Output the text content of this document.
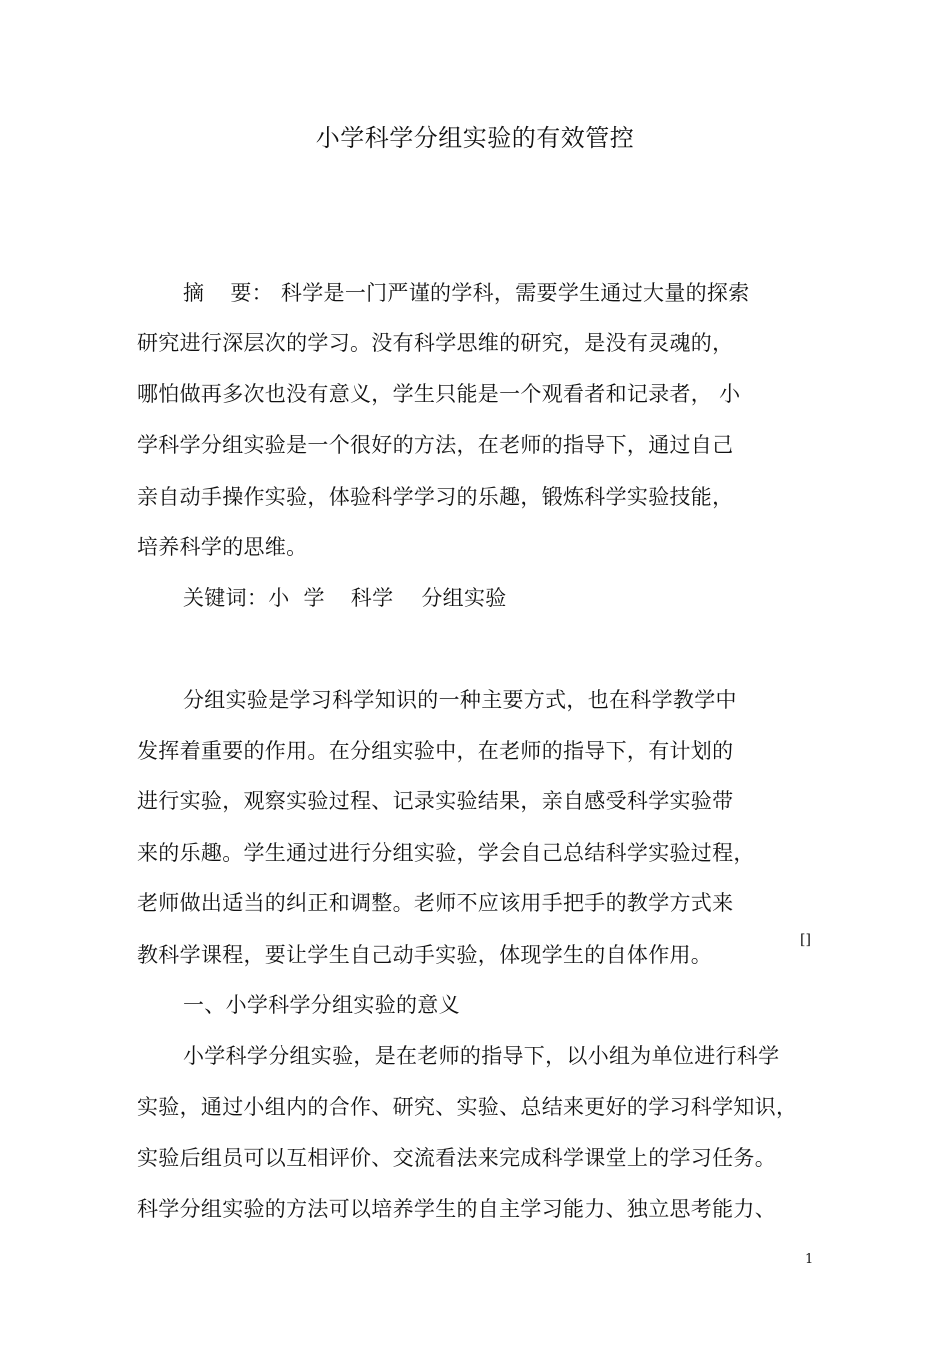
小学科学分组实验的有效管控
摘 要： 科学是一门严谨的学科，需要学生通过大量的探索
研究进行深层次的学习。没有科学思维的研究，是没有灵魂的，
哪怕做再多次也没有意义，学生只能是一个观看者和记录者， 小
学科学分组实验是一个很好的方法，在老师的指导下，通过自己
亲自动手操作实验，体验科学学习的乐趣，锻炼科学实验技能，
培养科学的思维。
关键词：小  学 科学 分组实验
分组实验是学习科学知识的一种主要方式，也在科学教学中
发挥着重要的作用。在分组实验中，在老师的指导下，有计划的
进行实验，观察实验过程、记录实验结果，亲自感受科学实验带
来的乐趣。学生通过进行分组实验，学会自己总结科学实验过程，
老师做出适当的纠正和调整。老师不应该用手把手的教学方式来
教科学课程，要让学生自己动手实验，体现学生的自体作用。
[]
一、小学科学分组实验的意义
小学科学分组实验，是在老师的指导下，以小组为单位进行科学
实验，通过小组内的合作、研究、实验、总结来更好的学习科学知识，
实验后组员可以互相评价、交流看法来完成科学课堂上的学习任务。
科学分组实验的方法可以培养学生的自主学习能力、独立思考能力、
1
